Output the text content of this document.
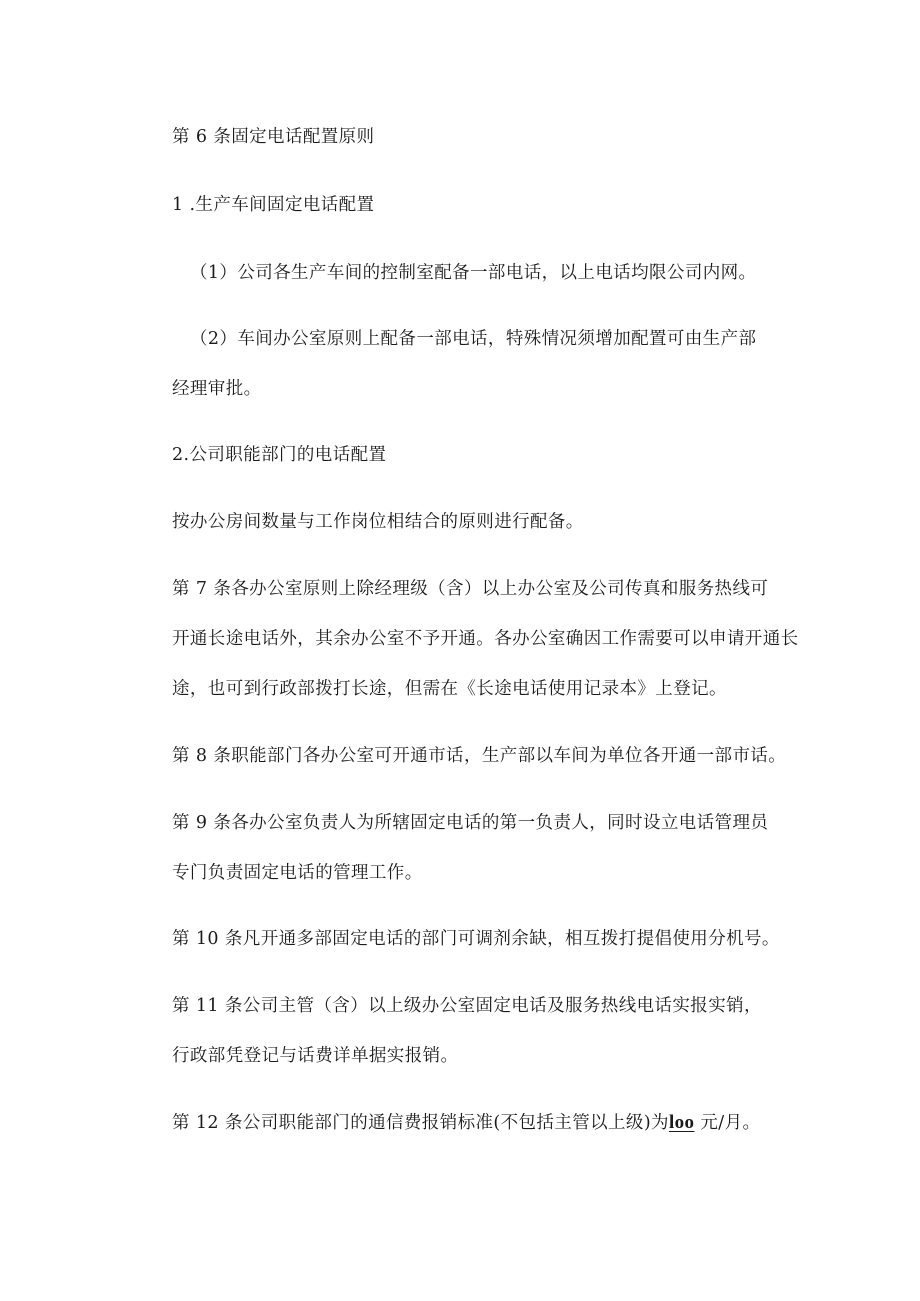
第 6 条固定电话配置原则
1 .生产车间固定电话配置
（1）公司各生产车间的控制室配备一部电话，以上电话均限公司内网。
（2）车间办公室原则上配备一部电话，特殊情况须增加配置可由生产部
经理审批。
2.公司职能部门的电话配置
按办公房间数量与工作岗位相结合的原则进行配备。
第 7 条各办公室原则上除经理级（含）以上办公室及公司传真和服务热线可
开通长途电话外，其余办公室不予开通。各办公室确因工作需要可以申请开通长
途，也可到行政部拨打长途，但需在《长途电话使用记录本》上登记。
第 8 条职能部门各办公室可开通市话，生产部以车间为单位各开通一部市话。
第 9 条各办公室负责人为所辖固定电话的第一负责人，同时设立电话管理员
专门负责固定电话的管理工作。
第 10 条凡开通多部固定电话的部门可调剂余缺，相互拨打提倡使用分机号。
第 11 条公司主管（含）以上级办公室固定电话及服务热线电话实报实销，
行政部凭登记与话费详单据实报销。
第 12 条公司职能部门的通信费报销标准(不包括主管以上级)为loo 元/月。
